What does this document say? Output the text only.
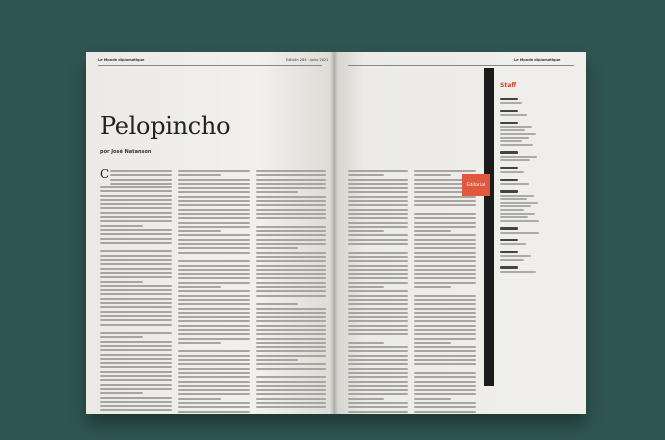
Le Monde diplomatique	Edición 284 · Junio 2021
Pelopincho
por José Natanson
C
Le Monde diplomatique
Editorial
Staff
